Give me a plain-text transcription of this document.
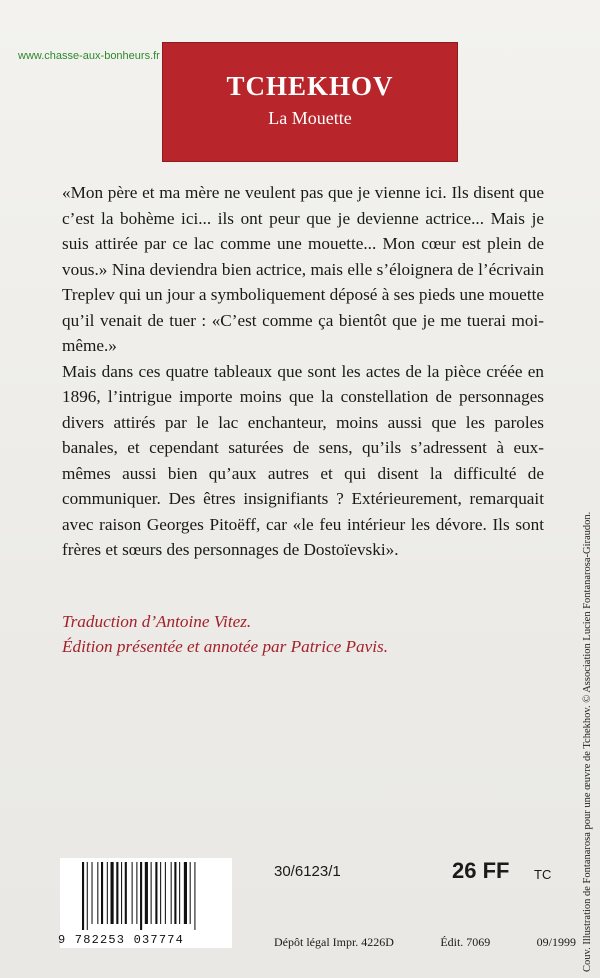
www.chasse-aux-bonheurs.fr
TCHEKHOV
La Mouette

«Mon père et ma mère ne veulent pas que je vienne ici. Ils disent que c’est la bohème ici... ils ont peur que je devienne actrice... Mais je suis attirée par ce lac comme une mouette... Mon cœur est plein de vous.» Nina deviendra bien actrice, mais elle s’éloignera de l’écrivain Treplev qui un jour a symboliquement déposé à ses pieds une mouette qu’il venait de tuer : «C’est comme ça bientôt que je me tuerai moi-même.»

Mais dans ces quatre tableaux que sont les actes de la pièce créée en 1896, l’intrigue importe moins que la constellation de personnages divers attirés par le lac enchanteur, moins aussi que les paroles banales, et cependant saturées de sens, qu’ils s’adressent à eux-mêmes aussi bien qu’aux autres et qui disent la difficulté de communiquer. Des êtres insignifiants ? Extérieurement, remarquait avec raison Georges Pitoëff, car «le feu intérieur les dévore. Ils sont frères et sœurs des personnages de Dostoïevski».

Traduction d’Antoine Vitez.
Édition présentée et annotée par Patrice Pavis.
9 782253 037774
30/6123/1	26 FF TC
Dépôt légal Impr. 4226D	Édit. 7069	09/1999 Couv. Illustration de Fontanarosa pour une œuvre de Tchekhov. © Association Lucien Fontanarosa-Giraudon.
